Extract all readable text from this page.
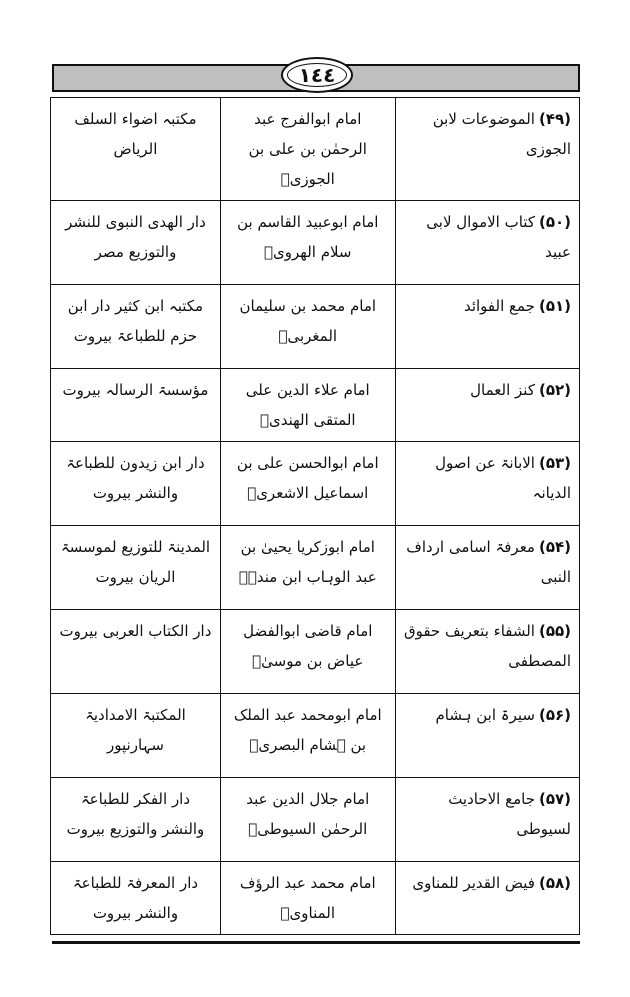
١٤٤
(۴۹)الموضوعات لابن الجوزی	امام ابوالفرج عبد الرحمٰن بن علی بن الجوزیؒ	مکتبہ اضواء السلف الریاض
(۵۰)کتاب الاموال لابی عبید	امام ابوعبید القاسم بن سلام الھرویؒ	دار الھدی النبوی للنشر والتوزیع مصر
(۵۱)جمع الفوائد	امام محمد بن سلیمان المغربیؒ	مکتبہ ابن کثیر دار ابن حزم للطباعۃ بیروت
(۵۲)کنز العمال	امام علاء الدین علی المتقی الھندیؒ	مؤسسۃ الرسالہ بیروت
(۵۳)الابانۃ عن اصول الدیانہ	امام ابوالحسن علی بن اسماعیل الاشعریؒ	دار ابن زیدون للطباعۃ والنشر بیروت
(۵۴)معرفۃ اسامی ارداف النبی	امام ابوزکریا یحییٰ بن عبد الوہاب ابن مندہؒ	المدینۃ للتوزیع لموسسۃ الریان بیروت
(۵۵)الشفاء بتعریف حقوق المصطفی	امام قاضی ابوالفضل عیاض بن موسیٰؒ	دار الکتاب العربی بیروت
(۵۶)سیرۃ ابن ہشام	امام ابومحمد عبد الملک بن ہشام البصریؒ	المکتبۃ الامدادیۃ سہارنپور
(۵۷)جامع الاحادیث لسیوطی	امام جلال الدین عبد الرحمٰن السیوطیؒ	دار الفکر للطباعۃ والنشر والتوزیع بیروت
(۵۸)فیض القدیر للمناوی	امام محمد عبد الرؤف المناویؒ	دار المعرفۃ للطباعۃ والنشر بیروت
